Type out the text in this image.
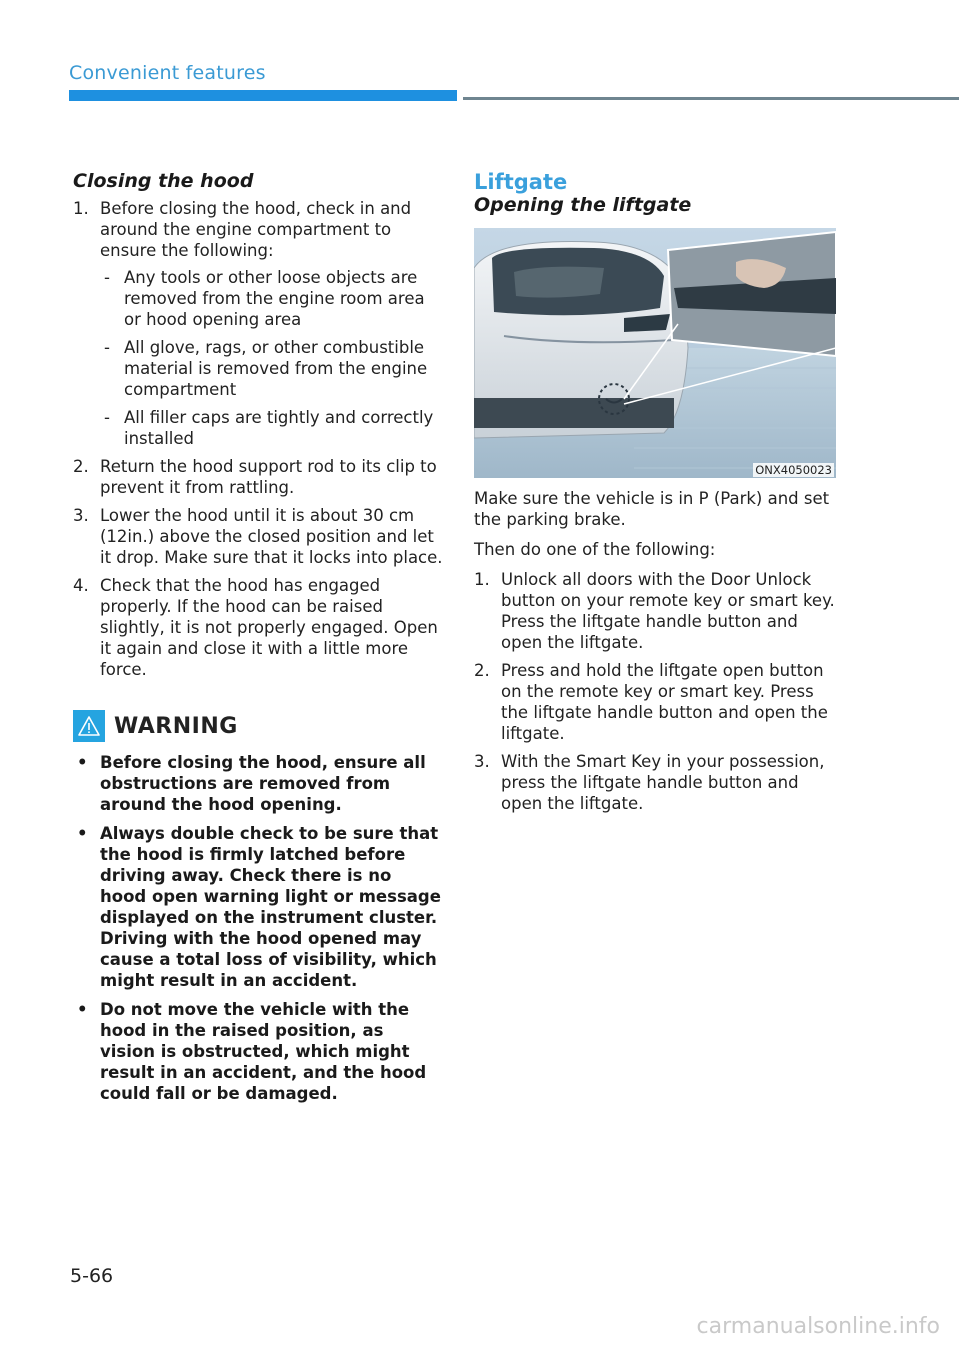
Convenient features
Closing the hood
1. Before closing the hood, check in and around the engine compartment to ensure the following:
- Any tools or other loose objects are removed from the engine room area or hood opening area
- All glove, rags, or other combustible material is removed from the engine compartment
- All filler caps are tightly and correctly installed
2. Return the hood support rod to its clip to prevent it from rattling.
3. Lower the hood until it is about 30 cm (12in.) above the closed position and let it drop. Make sure that it locks into place.
4. Check that the hood has engaged properly. If the hood can be raised slightly, it is not properly engaged. Open it again and close it with a little more force.
WARNING
• Before closing the hood, ensure all obstructions are removed from around the hood opening.
• Always double check to be sure that the hood is firmly latched before driving away. Check there is no hood open warning light or message displayed on the instrument cluster. Driving with the hood opened may cause a total loss of visibility, which might result in an accident.
• Do not move the vehicle with the hood in the raised position, as vision is obstructed, which might result in an accident, and the hood could fall or be damaged.
Liftgate
Opening the liftgate
ONX4050023

Make sure the vehicle is in P (Park) and set the parking brake.

Then do one of the following:

1. Unlock all doors with the Door Unlock button on your remote key or smart key. Press the liftgate handle button and open the liftgate.
2. Press and hold the liftgate open button on the remote key or smart key. Press the liftgate handle button and open the liftgate.
3. With the Smart Key in your possession, press the liftgate handle button and open the liftgate.
5-66
carmanualsonline.info
